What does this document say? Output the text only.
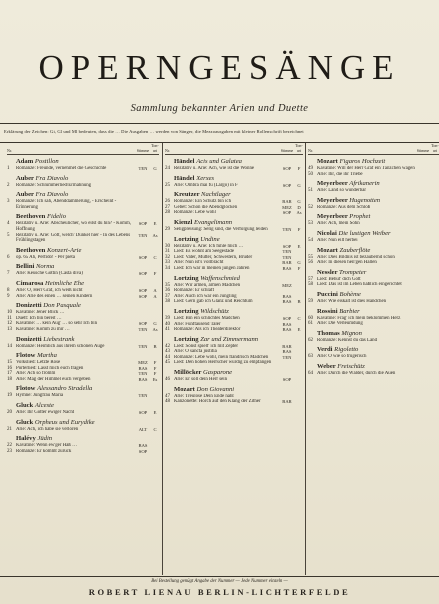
OPERNGESÄNGE
Sammlung bekannter Arien und Duette
Erklärung der Zeichen: Gi, Gl und Ml bedeuten, dass die … Die Ausgaben … werden von Sänger, die Mezzoausgaben mit kleiner Rollenschrift bezeichnet
Nr.	Stimme
Ton-art
Adam Postillon
1	Romanze: Freunde, vernehmet die Geschichte	TEN	G
Auber Fra Diavolo
2	Romanze: Schlummerlied/Ermahnung
Auber Fra Diavolo
3	Romanze: Ich sah, Abenddämmerung, - Erscheint - Erinnerung
Beethoven Fidelio
4	Rezitativ u. Arie: Abscheulicher, wo eilst du hin? - Komm, Hoffnung
SOP	E
5	Rezitativ u. Arie: Gott, welch' Dunkel hier - In des Lebens Frühlingstagen
TEN	As
Beethoven Konzert-Arie
6	op. 65 Ah, Perfido! - Per pietà	SOP	C
Bellini Norma
7	Arie: Keusche Göttin (Casta diva)	SOP	F
Cimarosa Heimliche Ehe
8	Arie: O, Herr Graf, ich weiß nicht	SOP	A
9	Arie: Arie des einen … seinen Kindern	SOP	A
Donizetti Don Pasquale
10 Kavatine: Jener Blick …
11 Duett: Ich bin bereit …
12 Kavatine: … kein Aug' … so sehr Ich bin	SOP	G
13 Kavatine: Komm zu mir …	TEN	As
Donizetti Liebestrank
14 Romanze: Heimlich aus ihrem schönen Auge	TEN	B
Flotow Martha
15 Volkslied: Letzte Rose	MEZ	F
16 Porterlied: Lasst mich euch fragen	BAS	F
17 Arie: Ach so fromm	TEN	F
18 Arie: Mag der Himmel euch vergeben	BAS	Es
Flotow Alessandro Stradella
19 Hymne: Jungfrau Maria	TEN
Gluck Alceste
20 Arie: Ihr Götter ewiger Nacht	SOP	E
Gluck Orpheus und Eurydike
21 Arie: Ach, ich habe sie verloren	ALT	C
Halévy Jüdin
22 Kavatine: Wenn ew'ger Haß …	BAS
23 Romanze: Er kommt zurück	SOP
Nr.	Stimme
Ton-art
Händel Acis und Galatea
24 Rezitativ u. Arie: Ach, wie ist die Wonne	SOP	F
Händel Xerxes
25 Arie: Ombra mai fu (Largo) in F	SOP	G
Kreutzer Nachtlager
26 Romanze: Ein Schütz bin ich	BAR	G
27 Gebet: Schon die Abendglocken	MEZ	D
28 Romanze: Lebe wohl	SOP	As
Kienzl Evangelimann
29 Seligpreisung: Selig sind, die Verfolgung leiden	TEN	F
Lortzing Undine
30 Rezitativ u. Arie: Ich fühle mich …	SOP	E
31 Lied: Es wohnt am Seegestade	TEN
32 Lied: Vater, Mutter, Schwestern, Brüder	TEN
33 Arie: Nun ist's vollbracht	BAR	G
34 Lied: Ich war in meinen jungen Jahren	BAS	F
Lortzing Waffenschmied
35 Arie: Wir armen, armen Mädchen	MEZ
36 Romanze: Er schläft
37 Arie: Auch ich war ein Jüngling	BAS
38 Lied: Gern gab ich Glanz und Reichtum	BAS	B
Lortzing Wildschütz
39 Lied: Bin ein schlichtes Mädchen	SOP	C
40 Arie: Fünftausend Taler	BAS
41 Romanze: Als ich Theaterdirektor	BAS	E
Lortzing Zar und Zimmermann
42 Lied: Sonst spielt' ich mit Zepter	BAR
43 Arie: O sancta justitia	BAS
44 Romanze: Lebe wohl, mein flandrisch Mädchen	TEN
45 Lied: Den hohen Herrscher würdig zu empfangen
Millöcker Gasparone
46 Arie: Er soll dein Herr sein	SOP
Mozart Don Giovanni
47 Arie: Treulose Dein Ende naht
48 Kanzonette: Horch auf den Klang der Zither	BAR
Nr.	Stimme
Ton-art
Mozart Figaros Hochzeit
49 Kavatine: Will der Herr Graf ein Tänzchen wagen
50 Arie: Ihr, die ihr Triebe
Meyerbeer Afrikanerin
51 Arie: Land so wunderbar
Meyerbeer Hugenotten
52 Romanze: Aus dem Schloß
Meyerbeer Prophet
53 Arie: Ach, mein Sohn
Nicolai Die lustigen Weiber
54 Arie: Nun eilt herbei
Mozart Zauberflöte
55 Arie: Dies Bildnis ist bezaubernd schön
56 Arie: In diesen heil'gen Hallen
Nessler Trompeter
57 Lied: Behüt' dich Gott
58 Lied: Das ist im Leben häßlich eingerichtet
Puccini Bohème
59 Arie: Wie eiskalt ist dies Händchen
Rossini Barbier
60 Kavatine: Frag' ich mein beklommen Herz
61 Arie: Die Verleumdung
Thomas Mignon
62 Romanze: Kennst du das Land
Verdi Rigoletto
63 Arie: O wie so trügerisch
Weber Freischütz
64 Arie: Durch die Wälder, durch die Auen
Bei Bestellung genügt Angabe der Nummer — Jede Nummer einzeln —
ROBERT LIENAU BERLIN-LICHTERFELDE
